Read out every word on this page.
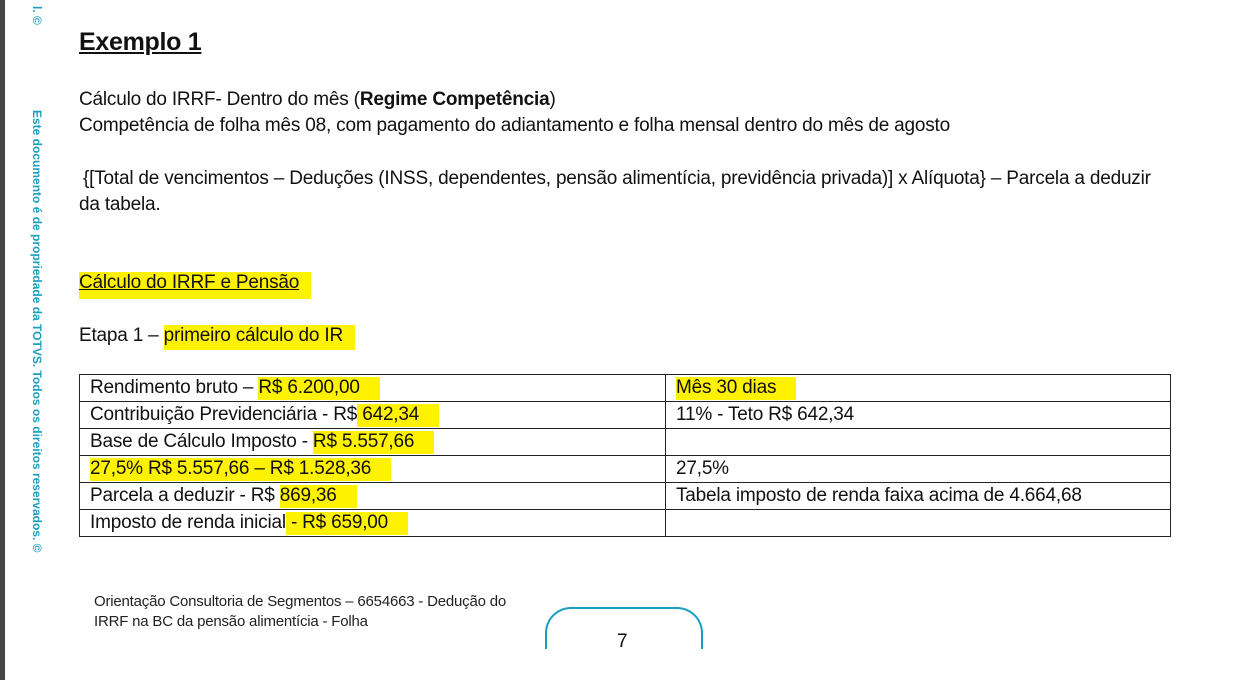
l. ©
Este documento é de propriedade da TOTVS. Todos os direitos reservados. ©
Exemplo 1
Cálculo do IRRF- Dentro do mês (Regime Competência)
Competência de folha mês 08, com pagamento do adiantamento e folha mensal dentro do mês de agosto
{[Total de vencimentos – Deduções (INSS, dependentes, pensão alimentícia, previdência privada)] x Alíquota} – Parcela a deduzir
da tabela.
Cálculo do IRRF e Pensão
Etapa 1 – primeiro cálculo do IR
Rendimento bruto – R$ 6.200,00	Mês 30 dias
Contribuição Previdenciária - R$ 642,34	11% - Teto R$ 642,34
Base de Cálculo Imposto - R$ 5.557,66	
27,5% R$ 5.557,66 – R$ 1.528,36	27,5%
Parcela a deduzir - R$ 869,36	Tabela imposto de renda faixa acima de 4.664,68
Imposto de renda inicial - R$ 659,00	
Orientação Consultoria de Segmentos – 6654663 - Dedução do
IRRF na BC da pensão alimentícia - Folha
7
